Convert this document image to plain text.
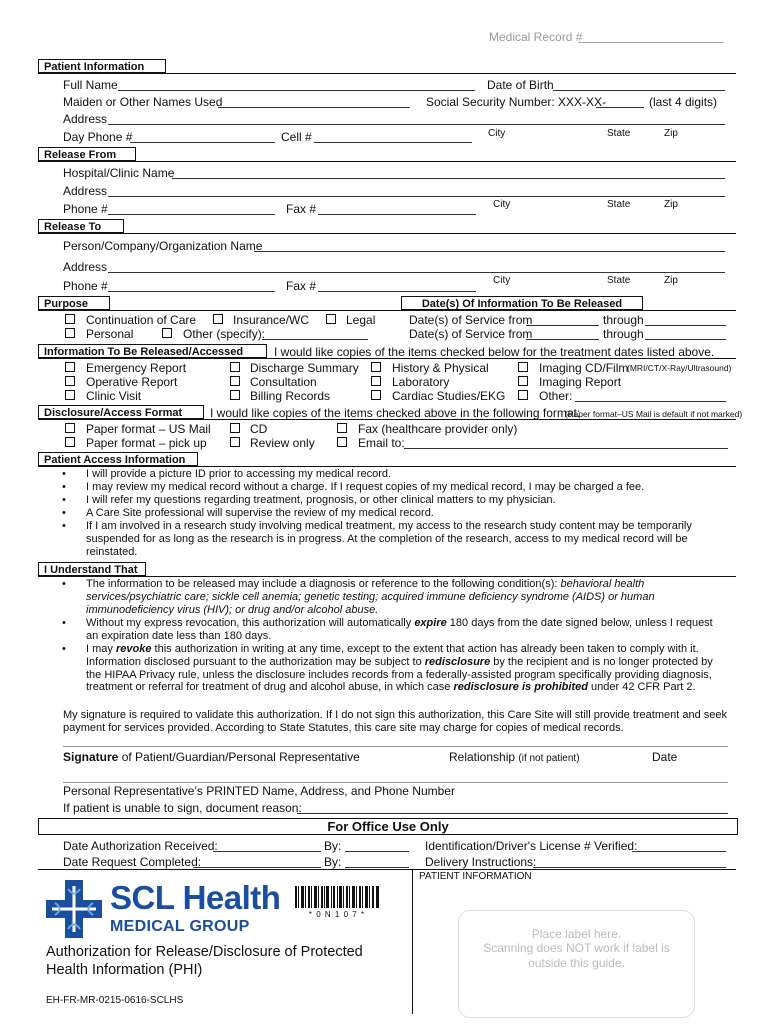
Medical Record #
Patient Information
Full Name	Date of Birth
Maiden or Other Names Used	Social Security Number: XXX-XX-	(last 4 digits)
Address
City	State	Zip
Day Phone #	Cell #
Release From
Hospital/Clinic Name
Address
City	State	Zip
Phone #	Fax #
Release To
Person/Company/Organization Name
Address
City	State	Zip
Phone #	Fax #
Purpose	Date(s) Of Information To Be Released
Continuation of Care	Insurance/WC	Legal
Personal	Other (specify):
Date(s) of Service from	through
Date(s) of Service from	through
Information To Be Released/Accessed	I would like copies of the items checked below for the treatment dates listed above.
Emergency Report	Discharge Summary	History & Physical	Imaging CD/Film
(MRI/CT/X-Ray/Ultrasound)
Operative Report	Consultation	Laboratory	Imaging Report
Clinic Visit	Billing Records	Cardiac Studies/EKG	Other:
Disclosure/Access Format	I would like copies of the items checked above in the following format:
(Paper format–US Mail is default if not marked)
Paper format – US Mail	CD	Fax (healthcare provider only)
Paper format – pick up	Review only	Email to:
Patient Access Information
• I will provide a picture ID prior to accessing my medical record.
• I may review my medical record without a charge. If I request copies of my medical record, I may be charged a fee.
• I will refer my questions regarding treatment, prognosis, or other clinical matters to my physician.
• A Care Site professional will supervise the review of my medical record.
• If I am involved in a research study involving medical treatment, my access to the research study content may be temporarily suspended for as long as the research is in progress. At the completion of the research, access to my medical record will be reinstated.
I Understand That
• The information to be released may include a diagnosis or reference to the following condition(s): behavioral health services/psychiatric care; sickle cell anemia; genetic testing; acquired immune deficiency syndrome (AIDS) or human immunodeficiency virus (HIV); or drug and/or alcohol abuse.
• Without my express revocation, this authorization will automatically expire 180 days from the date signed below, unless I request an expiration date less than 180 days.
• I may revoke this authorization in writing at any time, except to the extent that action has already been taken to comply with it. Information disclosed pursuant to the authorization may be subject to redisclosure by the recipient and is no longer protected by the HIPAA Privacy rule, unless the disclosure includes records from a federally-assisted program specifically providing diagnosis, treatment or referral for treatment of drug and alcohol abuse, in which case redisclosure is prohibited under 42 CFR Part 2.
My signature is required to validate this authorization. If I do not sign this authorization, this Care Site will still provide treatment and seek payment for services provided. According to State Statutes, this care site may charge for copies of medical records.
Signature of Patient/Guardian/Personal Representative	Relationship (if not patient)	Date
Personal Representative’s PRINTED Name, Address, and Phone Number
If patient is unable to sign, document reason:
For Office Use Only
Date Authorization Received:	By:	Identification/Driver's License # Verified:
Date Request Completed:	By:	Delivery Instructions:
PATIENT INFORMATION
SCL Health
MEDICAL GROUP
* 0 N 1 0 7 *
Authorization for Release/Disclosure of Protected Health Information (PHI)
EH-FR-MR-0215-0616-SCLHS
Place label here.
Scanning does NOT work if label is outside this guide.
